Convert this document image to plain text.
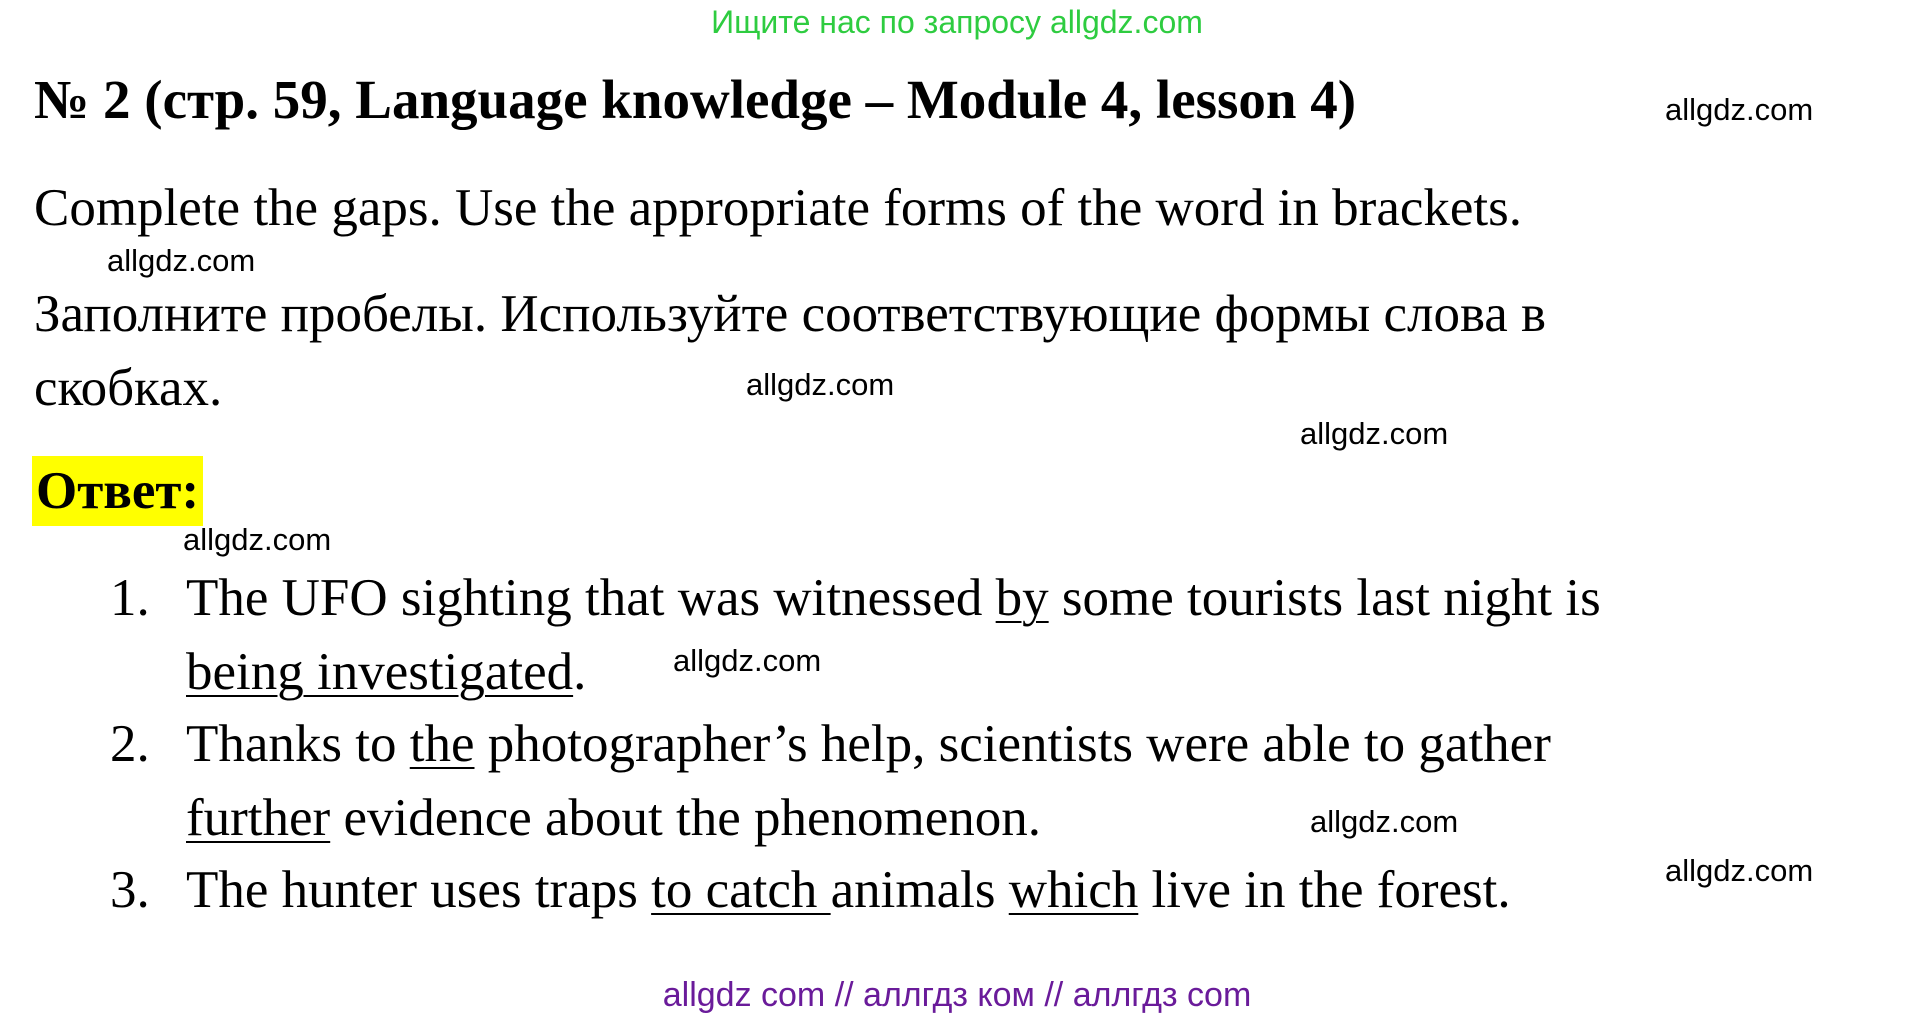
Ищите нас по запросу allgdz.com
№ 2 (стр. 59, Language knowledge – Module 4, lesson 4)
Complete the gaps. Use the appropriate forms of the word in brackets.
Заполните пробелы. Используйте соответствующие формы слова в
скобках.
Ответ:
1. The UFO sighting that was witnessed by some tourists last night is
being investigated.
2. Thanks to the photographer’s help, scientists were able to gather
further evidence about the phenomenon.
3. The hunter uses traps to catch animals which live in the forest.
allgdz.com
allgdz.com
allgdz.com
allgdz.com
allgdz.com
allgdz.com
allgdz.com
allgdz.com
allgdz com // аллгдз ком // аллгдз com
